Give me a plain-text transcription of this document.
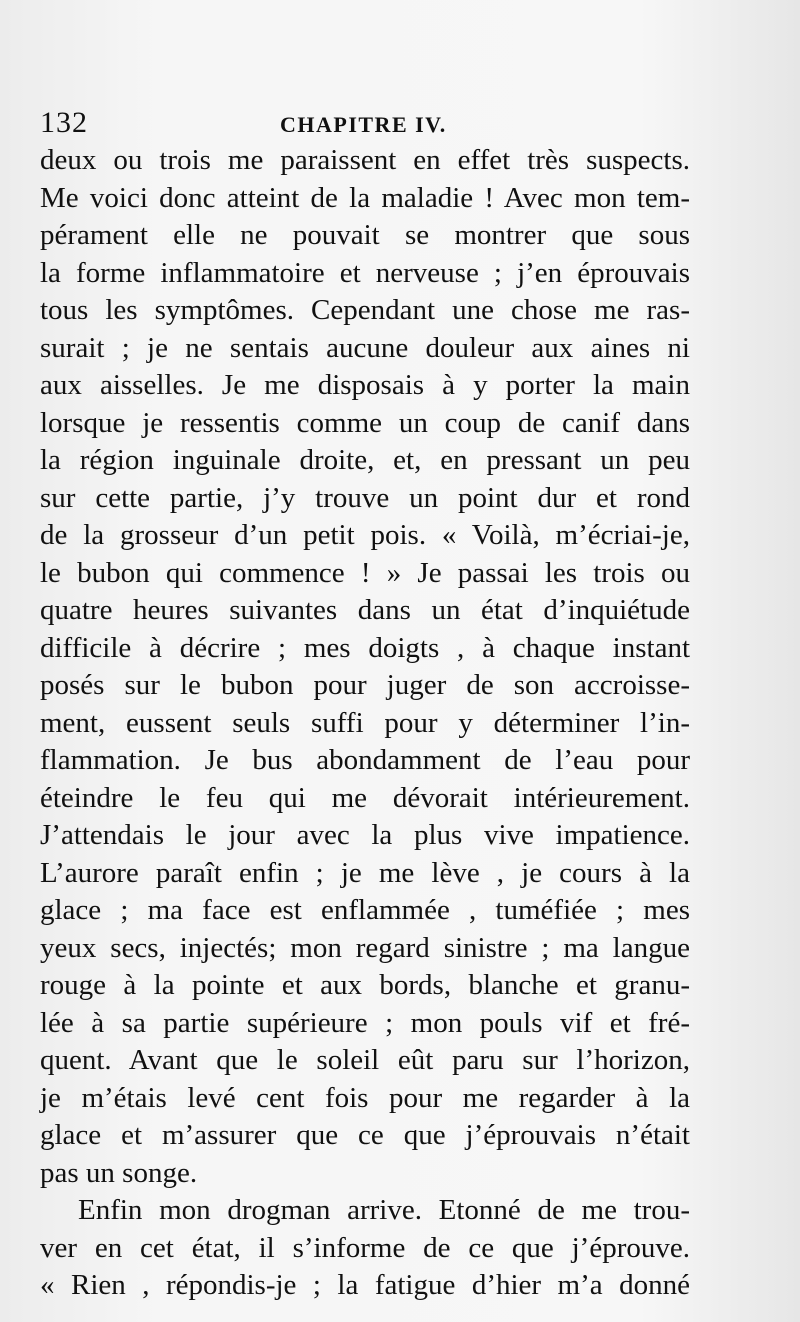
132	CHAPITRE IV.
deux ou trois me paraissent en effet très suspects.
Me voici donc atteint de la maladie ! Avec mon tem-
pérament elle ne pouvait se montrer que sous
la forme inflammatoire et nerveuse ; j’en éprouvais
tous les symptômes. Cependant une chose me ras-
surait ; je ne sentais aucune douleur aux aines ni
aux aisselles. Je me disposais à y porter la main
lorsque je ressentis comme un coup de canif dans
la région inguinale droite, et, en pressant un peu
sur cette partie, j’y trouve un point dur et rond
de la grosseur d’un petit pois. « Voilà, m’écriai-je,
le bubon qui commence ! » Je passai les trois ou
quatre heures suivantes dans un état d’inquiétude
difficile à décrire ; mes doigts , à chaque instant
posés sur le bubon pour juger de son accroisse-
ment, eussent seuls suffi pour y déterminer l’in-
flammation. Je bus abondamment de l’eau pour
éteindre le feu qui me dévorait intérieurement.
J’attendais le jour avec la plus vive impatience.
L’aurore paraît enfin ; je me lève , je cours à la
glace ; ma face est enflammée , tuméfiée ; mes
yeux secs, injectés; mon regard sinistre ; ma langue
rouge à la pointe et aux bords, blanche et granu-
lée à sa partie supérieure ; mon pouls vif et fré-
quent. Avant que le soleil eût paru sur l’horizon,
je m’étais levé cent fois pour me regarder à la
glace et m’assurer que ce que j’éprouvais n’était
pas un songe.
Enfin mon drogman arrive. Etonné de me trou-
ver en cet état, il s’informe de ce que j’éprouve.
« Rien , répondis-je ; la fatigue d’hier m’a donné
